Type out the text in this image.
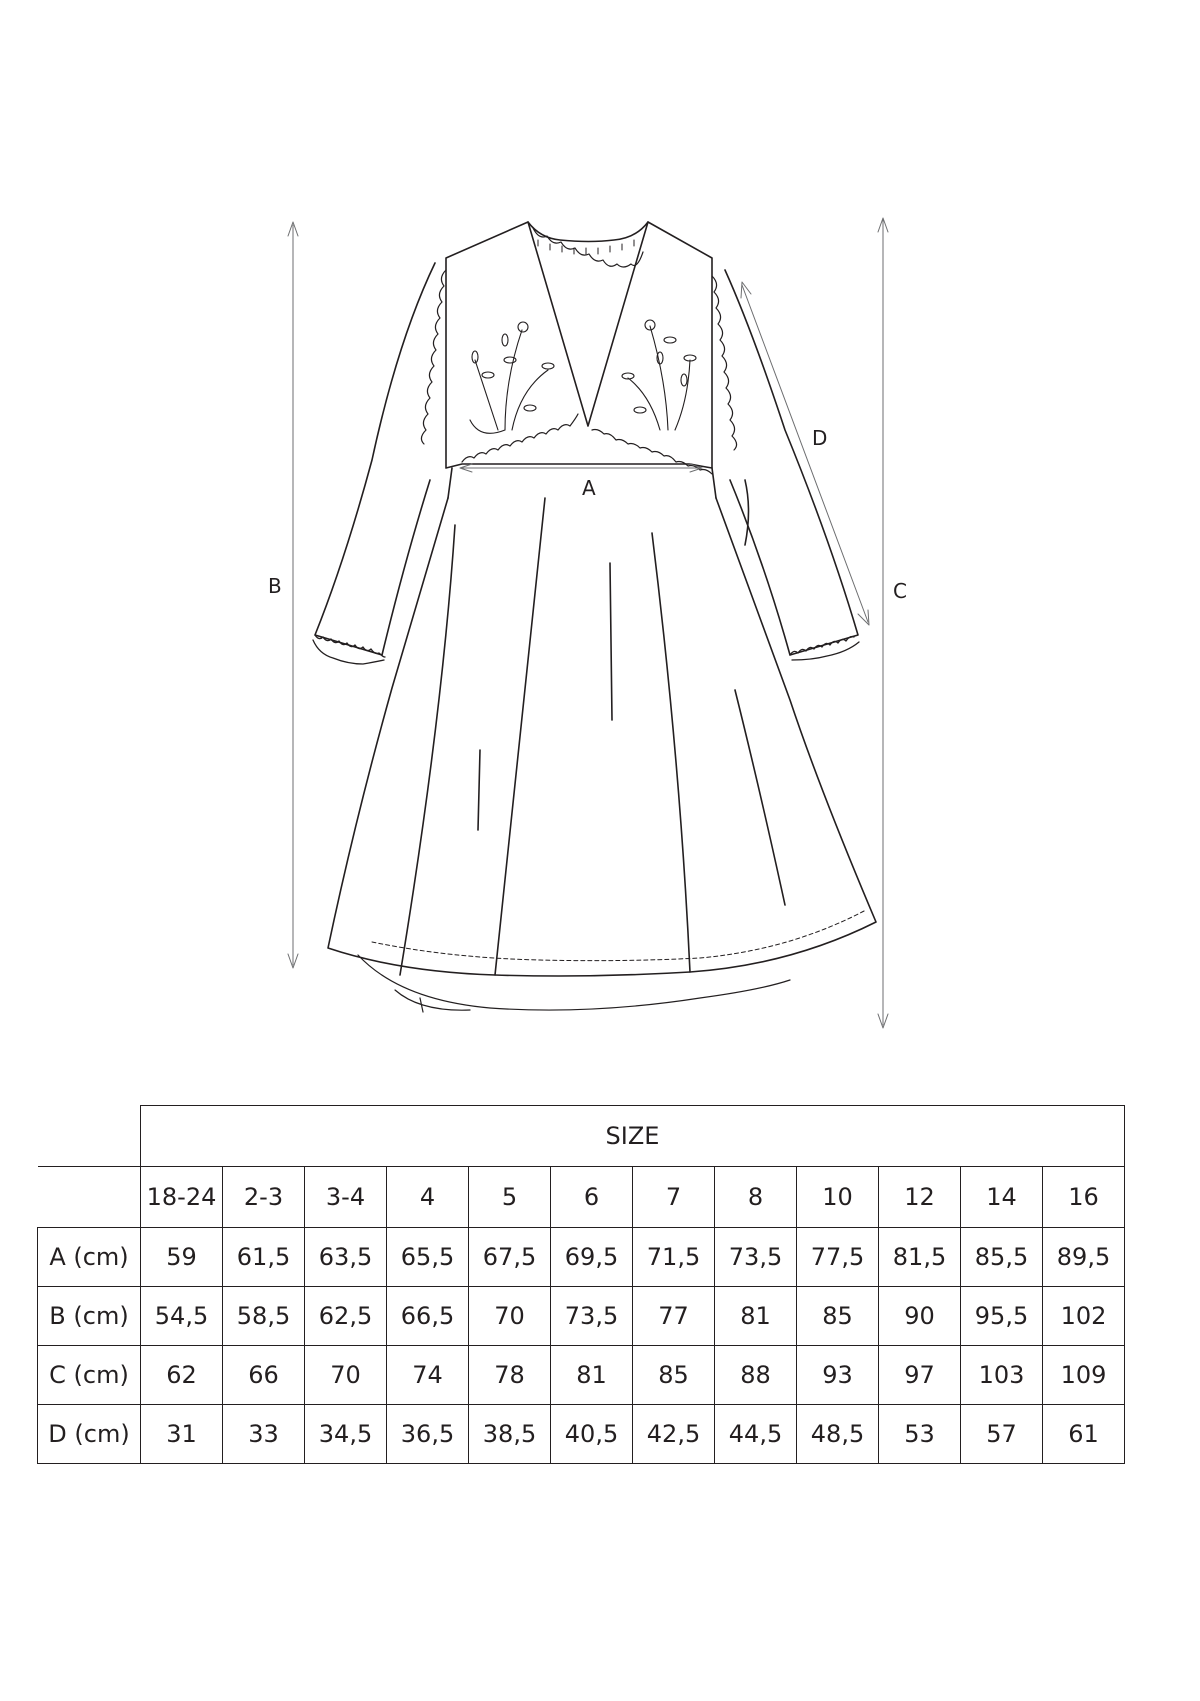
A
B	C
D
	SIZE											
	18-24	2-3	3-4	4	5	6	7	8	10	12	14	16
A (cm)	59	61,5	63,5	65,5	67,5	69,5	71,5	73,5	77,5	81,5	85,5	89,5
B (cm)	54,5	58,5	62,5	66,5	70	73,5	77	81	85	90	95,5	102
C (cm)	62	66	70	74	78	81	85	88	93	97	103	109
D (cm)	31	33	34,5	36,5	38,5	40,5	42,5	44,5	48,5	53	57	61
